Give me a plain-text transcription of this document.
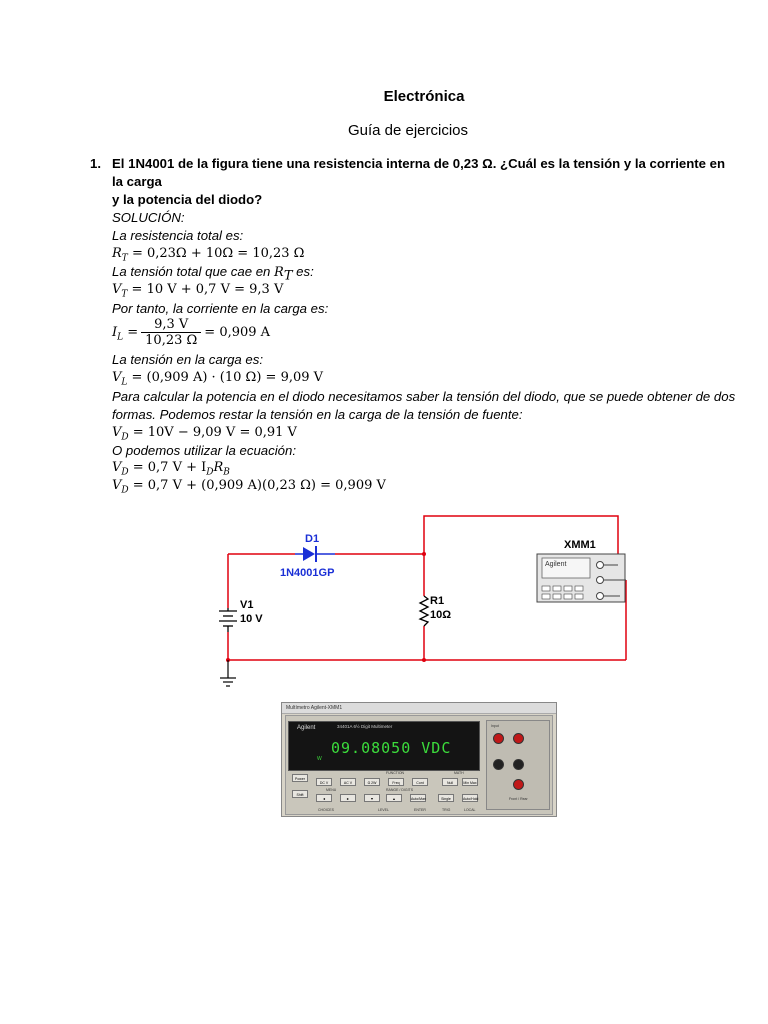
Electrónica
Guía de ejercicios
1. El 1N4001 de la figura tiene una resistencia interna de 0,23 Ω. ¿Cuál es la tensión y la corriente en la carga
y la potencia del diodo?
SOLUCIÓN:
La resistencia total es:
$R_T = 0,23\Omega + 10\Omega = 10,23$ Ω
La tensión total que cae en $R_T$ es:
$V_T = 10$ V + 0,7 V = 9,3 V
Por tanto, la corriente en la carga es:
$I_L = \frac{9,3 V}{10,23 \Omega} = 0,909$ A
La tensión en la carga es:
$V_L = (0,909$ A) · (10 Ω) = 9,09 V
Para calcular la potencia en el diodo necesitamos saber la tensión del diodo, que se puede obtener de dos
formas. Podemos restar la tensión en la carga de la tensión de fuente:
$V_D = 10V - 9,09$ V = 0,91 V
O podemos utilizar la ecuación:
$V_D = 0,7$ $V + I_DR_B$
$V_D = 0,7$ V + (0,909 A)(0,23 Ω) = 0,909 V
D1
1N4001GP
V1
10 V
R1
10Ω
XMM1
Agilent
Multímetro Agilent-XMM1
Agilent	34401A 6½ Digit Multimeter
09.08050 VDC
W
FUNCTION	MATH
MENU	RANGE / DIGITS
Power
Shift
DC V	AC V	Ω 2W	Freq	Cont	Null	Min Max
◄	►	▼	▲	Auto/Man	Single	Auto/Hold
CHOICES	LEVEL	ENTER	TRIG	LOCAL
Input
Front / Rear
